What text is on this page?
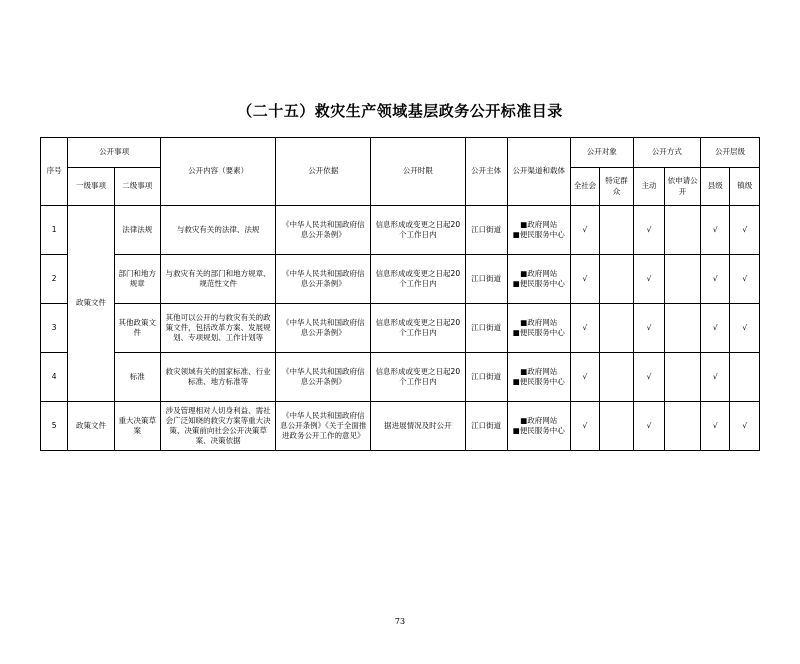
（二十五）救灾生产领域基层政务公开标准目录
序号	公开事项		公开内容（要素）	公开依据	公开时限	公开主体	公开渠道和载体	公开对象		公开方式		公开层级	
	一级事项	二级事项						全社会	特定群众	主动	依申请公开	县级	镇级
1	政策文件	法律法规	与救灾有关的法律、法规	《中华人民共和国政府信息公开条例》	信息形成或变更之日起20个工作日内	江口街道	■政府网站
■便民服务中心	√		√		√	√
2		部门和地方规章	与救灾有关的部门和地方规章、规范性文件	《中华人民共和国政府信息公开条例》	信息形成或变更之日起20个工作日内	江口街道	■政府网站
■便民服务中心	√		√		√	√
3		其他政策文件	其他可以公开的与救灾有关的政策文件，包括改革方案、发展规划、专项规划、工作计划等	《中华人民共和国政府信息公开条例》	信息形成或变更之日起20个工作日内	江口街道	■政府网站
■便民服务中心	√		√		√	√
4		标准	救灾领域有关的国家标准、行业标准、地方标准等	《中华人民共和国政府信息公开条例》	信息形成或变更之日起20个工作日内	江口街道	■政府网站
■便民服务中心	√		√		√	
5	政策文件	重大决策草案	涉及管理相对人切身利益、需社会广泛知晓的救灾方案等重大决策、决策前向社会公开决策草案、决策依据	《中华人民共和国政府信息公开条例》《关于全面推进政务公开工作的意见》	据进展情况及时公开	江口街道	■政府网站
■便民服务中心	√		√		√	√
73
